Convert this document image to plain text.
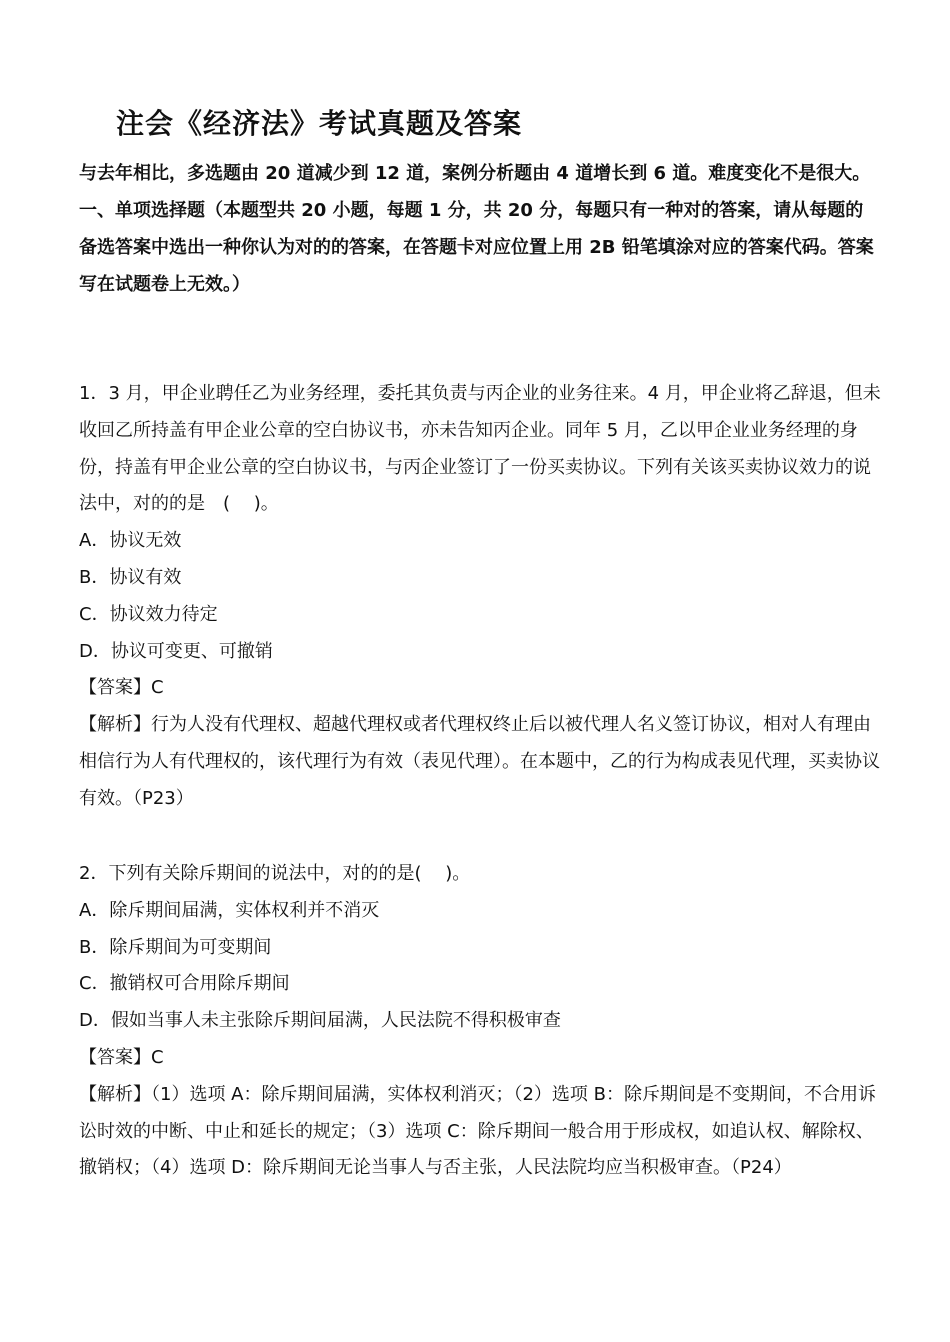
注会《经济法》考试真题及答案

与去年相比，多选题由 20 道减少到 12 道，案例分析题由 4 道增长到 6 道。难度变化不是很大。

一、单项选择题（本题型共 20 小题，每题 1 分，共 20 分，每题只有一种对的答案，请从每题的备选答案中选出一种你认为对的的答案，在答题卡对应位置上用 2B 铅笔填涂对应的答案代码。答案写在试题卷上无效。）

1．3 月，甲企业聘任乙为业务经理，委托其负责与丙企业的业务往来。4 月，甲企业将乙辞退，但未收回乙所持盖有甲企业公章的空白协议书，亦未告知丙企业。同年 5 月，乙以甲企业业务经理的身份，持盖有甲企业公章的空白协议书，与丙企业签订了一份买卖协议。下列有关该买卖协议效力的说法中，对的的是　(　 )。

A．协议无效

B．协议有效

C．协议效力待定

D．协议可变更、可撤销

【答案】C

【解析】行为人没有代理权、超越代理权或者代理权终止后以被代理人名义签订协议，相对人有理由相信行为人有代理权的，该代理行为有效（表见代理）。在本题中，乙的行为构成表见代理，买卖协议有效。（P23）

2．下列有关除斥期间的说法中，对的的是(　 )。

A．除斥期间届满，实体权利并不消灭

B．除斥期间为可变期间

C．撤销权可合用除斥期间

D．假如当事人未主张除斥期间届满，人民法院不得积极审查

【答案】C

【解析】（1）选项 A：除斥期间届满，实体权利消灭；（2）选项 B：除斥期间是不变期间，不合用诉讼时效的中断、中止和延长的规定；（3）选项 C：除斥期间一般合用于形成权，如追认权、解除权、撤销权；（4）选项 D：除斥期间无论当事人与否主张，人民法院均应当积极审查。（P24）
